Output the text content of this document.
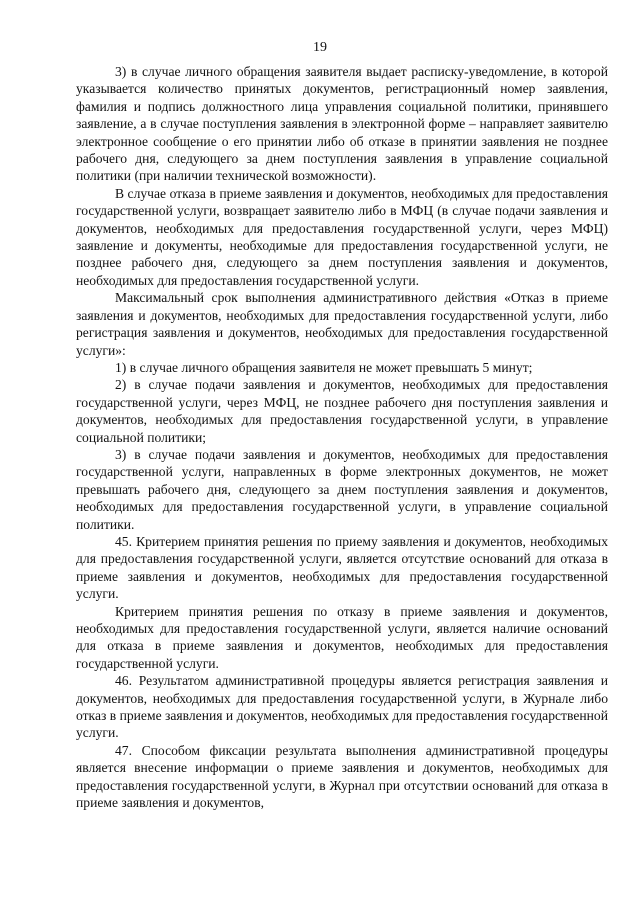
19

3) в случае личного обращения заявителя выдает расписку-уведомление, в которой указывается количество принятых документов, регистрационный номер заявления, фамилия и подпись должностного лица управления социальной политики, принявшего заявление, а в случае поступления заявления в электронной форме – направляет заявителю электронное сообщение о его принятии либо об отказе в принятии заявления не позднее рабочего дня, следующего за днем поступления заявления в управление социальной политики (при наличии технической возможности).

В случае отказа в приеме заявления и документов, необходимых для предоставления государственной услуги, возвращает заявителю либо в МФЦ (в случае подачи заявления и документов, необходимых для предоставления государственной услуги, через МФЦ) заявление и документы, необходимые для предоставления государственной услуги, не позднее рабочего дня, следующего за днем поступления заявления и документов, необходимых для предоставления государственной услуги.

Максимальный срок выполнения административного действия «Отказ в приеме заявления и документов, необходимых для предоставления государственной услуги, либо регистрация заявления и документов, необходимых для предоставления государственной услуги»:

1) в случае личного обращения заявителя не может превышать 5 минут;

2) в случае подачи заявления и документов, необходимых для предоставления государственной услуги, через МФЦ, не позднее рабочего дня поступления заявления и документов, необходимых для предоставления государственной услуги, в управление социальной политики;

3) в случае подачи заявления и документов, необходимых для предоставления государственной услуги, направленных в форме электронных документов, не может превышать рабочего дня, следующего за днем поступления заявления и документов, необходимых для предоставления государственной услуги, в управление социальной политики.

45. Критерием принятия решения по приему заявления и документов, необходимых для предоставления государственной услуги, является отсутствие оснований для отказа в приеме заявления и документов, необходимых для предоставления государственной услуги.

Критерием принятия решения по отказу в приеме заявления и документов, необходимых для предоставления государственной услуги, является наличие оснований для отказа в приеме заявления и документов, необходимых для предоставления государственной услуги.

46. Результатом административной процедуры является регистрация заявления и документов, необходимых для предоставления государственной услуги, в Журнале либо отказ в приеме заявления и документов, необходимых для предоставления государственной услуги.

47. Способом фиксации результата выполнения административной процедуры является внесение информации о приеме заявления и документов, необходимых для предоставления государственной услуги, в Журнал при отсутствии оснований для отказа в приеме заявления и документов,
